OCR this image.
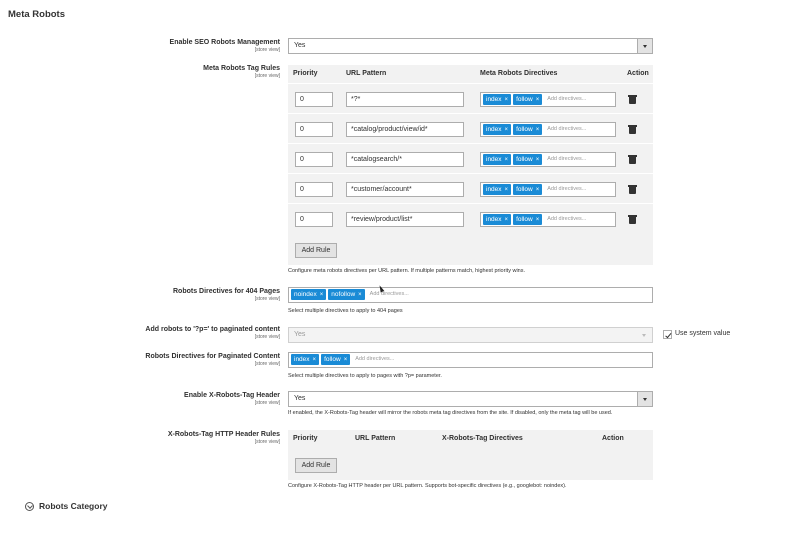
Meta Robots
Enable SEO Robots Management
[store view]
Yes
Meta Robots Tag Rules
[store view] Priority	URL Pattern	Meta Robots Directives	Action
Add Rule
0	*?*	index × follow × Add directives...
0	*catalog/product/view/id*	index × follow × Add directives...
0	*catalogsearch/*	index × follow × Add directives...
0	*customer/account*	index × follow × Add directives...
0	*review/product/list*	index × follow × Add directives...
Configure meta robots directives per URL pattern. If multiple patterns match, highest priority wins.
Robots Directives for 404 Pages
[store view]
noindex × nofollow × Add directives...
Select multiple directives to apply to 404 pages
Add robots to '?p=' to paginated content
[store view]	Yes	Use system value
Robots Directives for Paginated Content
[store view]
index × follow × Add directives...
Select multiple directives to apply to pages with ?p= parameter.
Enable X-Robots-Tag Header
[store view]
Yes
If enabled, the X-Robots-Tag header will mirror the robots meta tag directives from the site. If disabled, only the meta tag will be used.
X-Robots-Tag HTTP Header Rules
[store view] Priority	URL Pattern	X-Robots-Tag Directives	Action
Add Rule
Configure X-Robots-Tag HTTP header per URL pattern. Supports bot-specific directives (e.g., googlebot: noindex).
Robots Category
